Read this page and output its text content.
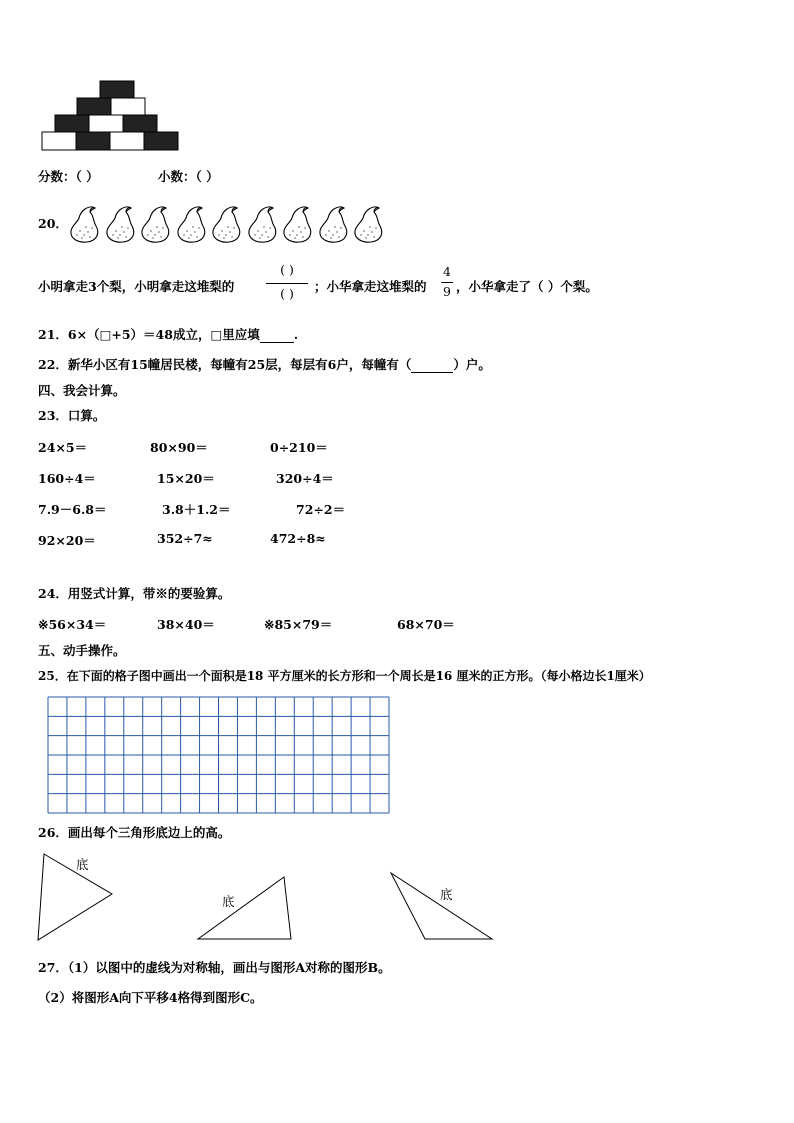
分数：（ ）	小数：（ ）
20．
小明拿走3个梨，小明拿走这堆梨的
( )
( )	；小华拿走这堆梨的
4
9 ，小华拿走了（ ）个梨。
21．6×（□+5）＝48成立，□里应填	.
22．新华小区有15幢居民楼，每幢有25层，每层有6户，每幢有（	）户。
四、我会计算。
23．口算。
24×5＝	80×90＝	0÷210＝
160÷4＝	15×20＝	320÷4＝
7.9－6.8＝	3.8＋1.2＝	72÷2＝
92×20＝	352÷7≈	472÷8≈
24．用竖式计算，带※的要验算。
※56×34＝	38×40＝	※85×79＝	68×70＝
五、动手操作。
25．在下面的格子图中画出一个面积是18 平方厘米的长方形和一个周长是16 厘米的正方形。（每小格边长1厘米）
26．画出每个三角形底边上的高。
底
底	底
27．（1）以图中的虚线为对称轴，画出与图形A对称的图形B。
（2）将图形A向下平移4格得到图形C。
